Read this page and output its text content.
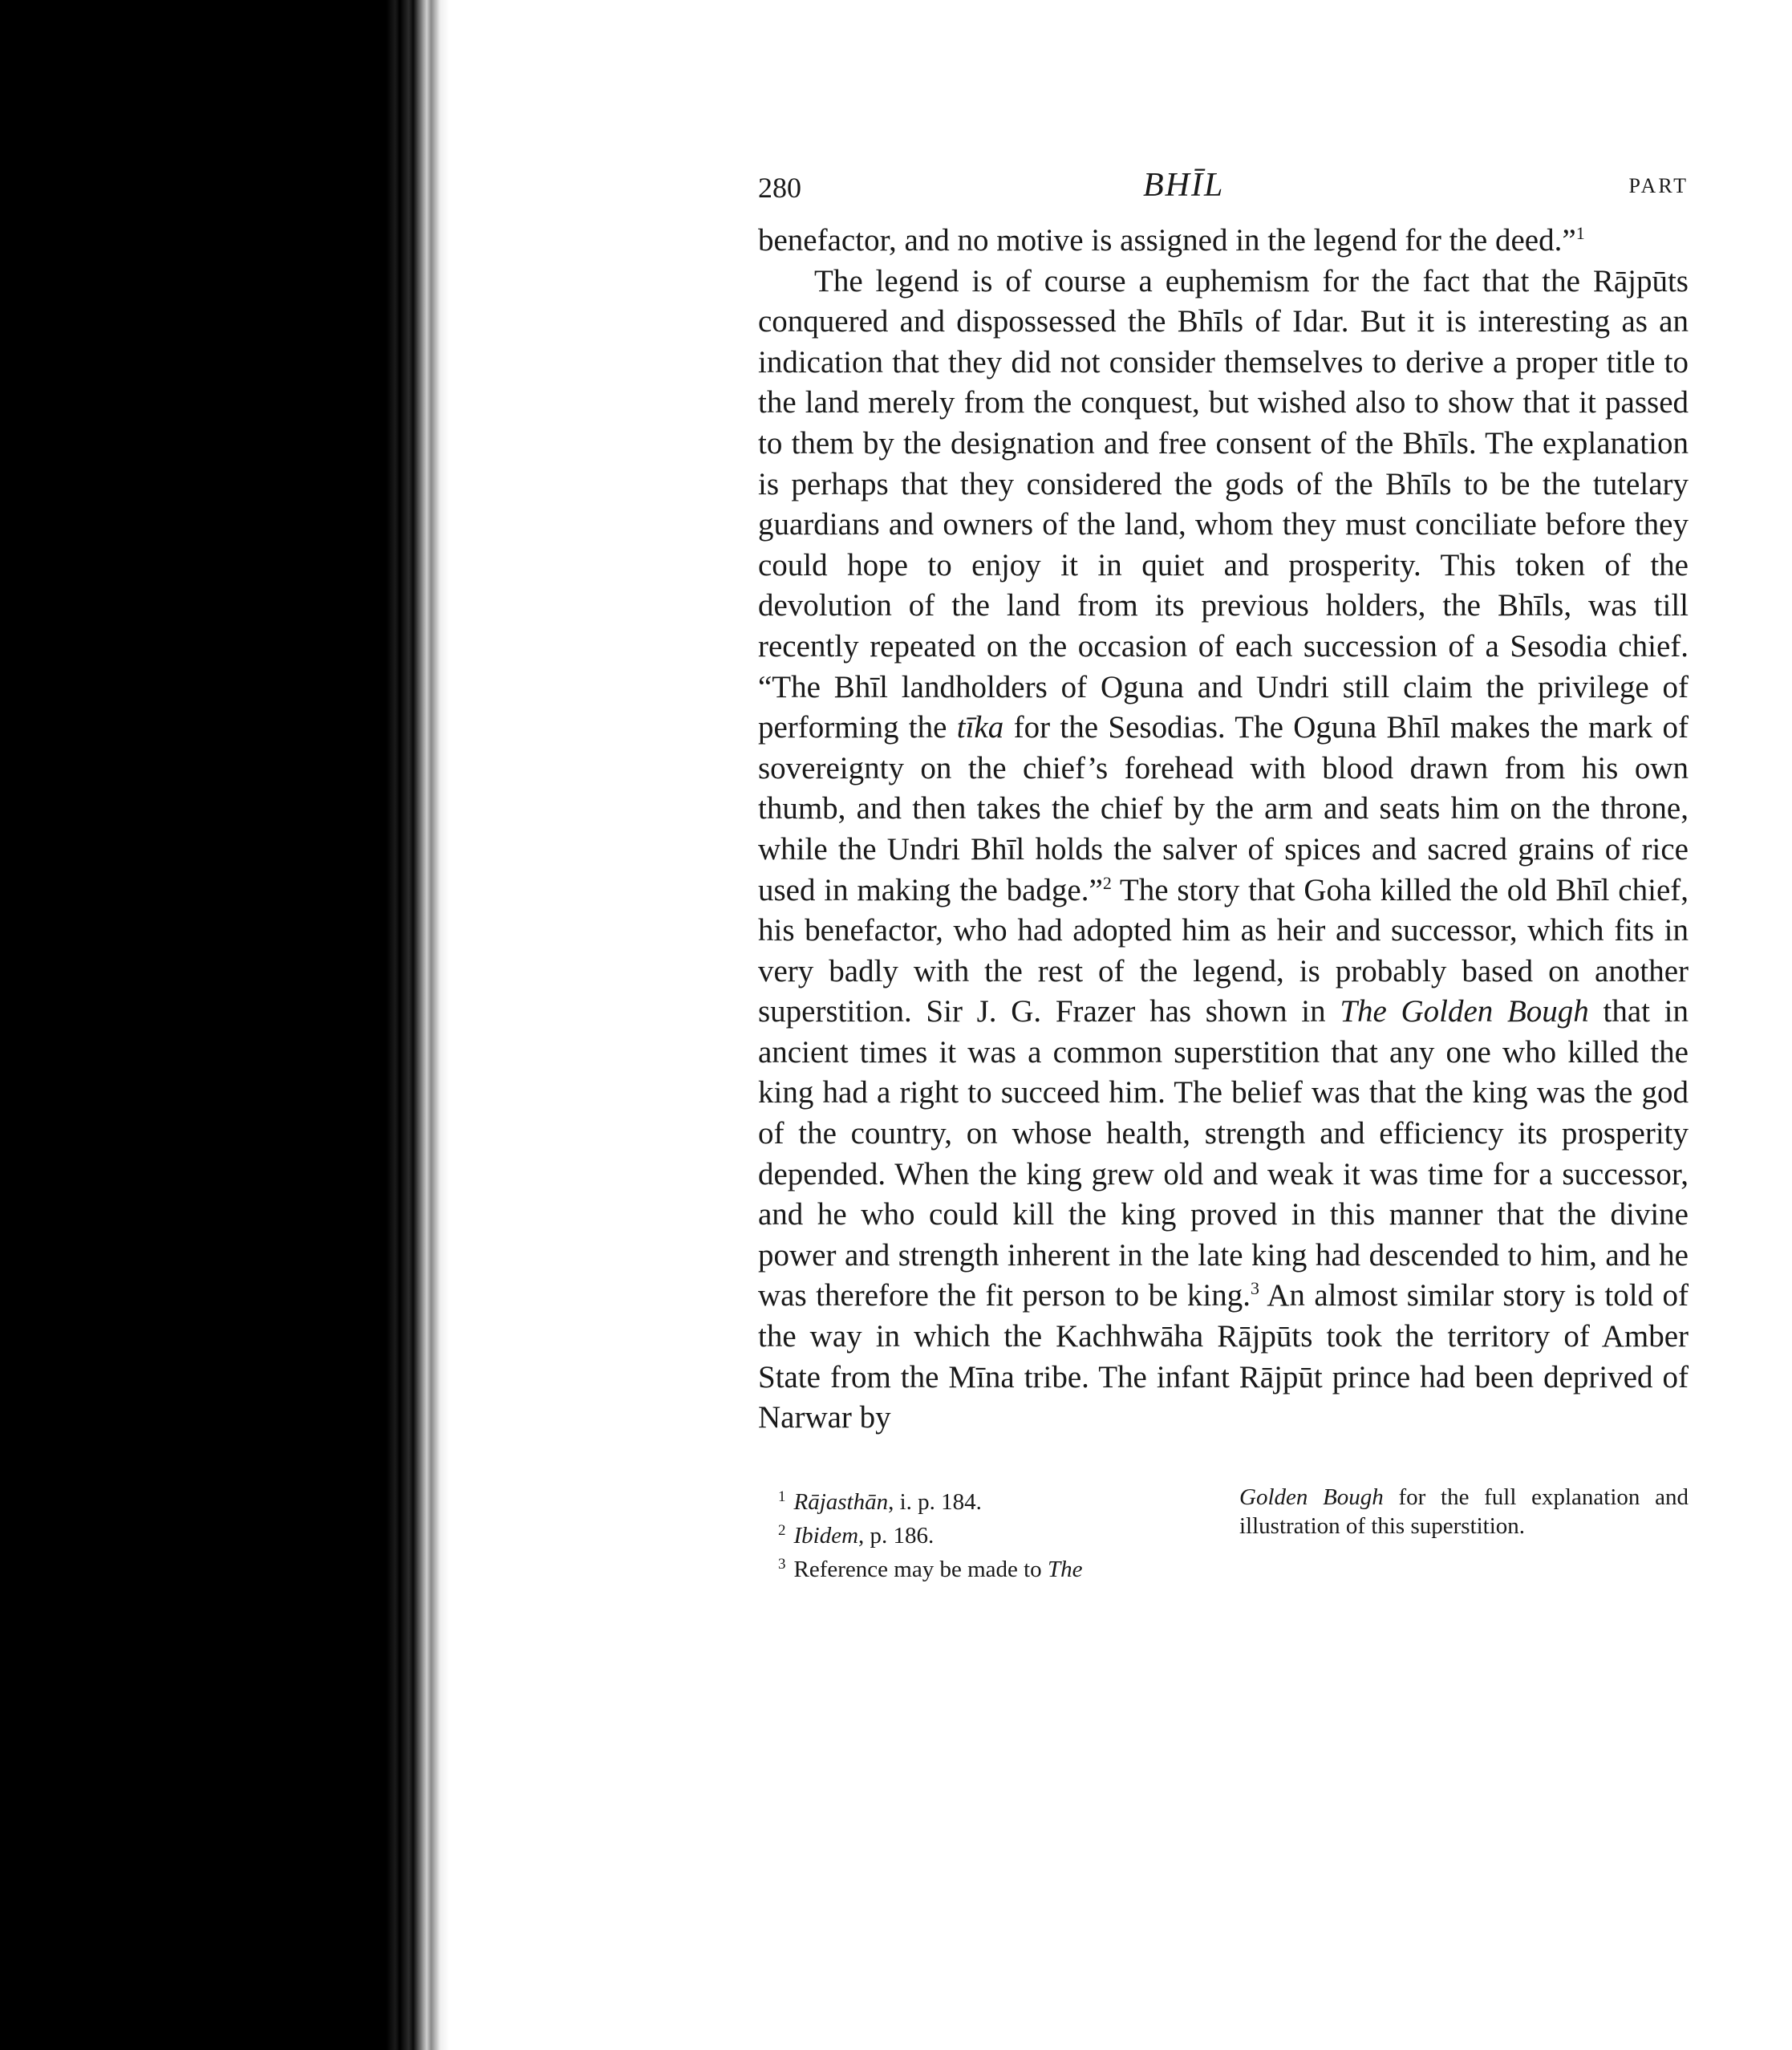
280	BHĪL	PART

benefactor, and no motive is assigned in the legend for the deed.”$^1$

The legend is of course a euphemism for the fact that the Rājpūts conquered and dispossessed the Bhīls of Idar. But it is interesting as an indication that they did not consider themselves to derive a proper title to the land merely from the conquest, but wished also to show that it passed to them by the designation and free consent of the Bhīls. The explanation is perhaps that they considered the gods of the Bhīls to be the tutelary guardians and owners of the land, whom they must conciliate before they could hope to enjoy it in quiet and prosperity. This token of the devolution of the land from its previous holders, the Bhīls, was till recently repeated on the occasion of each succession of a Sesodia chief. “The Bhīl landholders of Oguna and Undri still claim the privilege of performing the tīka for the Sesodias. The Oguna Bhīl makes the mark of sovereignty on the chief’s forehead with blood drawn from his own thumb, and then takes the chief by the arm and seats him on the throne, while the Undri Bhīl holds the salver of spices and sacred grains of rice used in making the badge.”$^2$ The story that Goha killed the old Bhīl chief, his benefactor, who had adopted him as heir and successor, which fits in very badly with the rest of the legend, is probably based on another superstition. Sir J. G. Frazer has shown in The Golden Bough that in ancient times it was a common superstition that any one who killed the king had a right to succeed him. The belief was that the king was the god of the country, on whose health, strength and efficiency its prosperity depended. When the king grew old and weak it was time for a successor, and he who could kill the king proved in this manner that the divine power and strength inherent in the late king had descended to him, and he was therefore the fit person to be king.$^3$ An almost similar story is told of the way in which the Kachhwāha Rājpūts took the territory of Amber State from the Mīna tribe. The infant Rājpūt prince had been deprived of Narwar by

$^1$ Rājasthān, i. p. 184.
$^2$ Ibidem, p. 186.
$^3$ Reference may be made to The
Golden Bough for the full explanation and illustration of this superstition.
